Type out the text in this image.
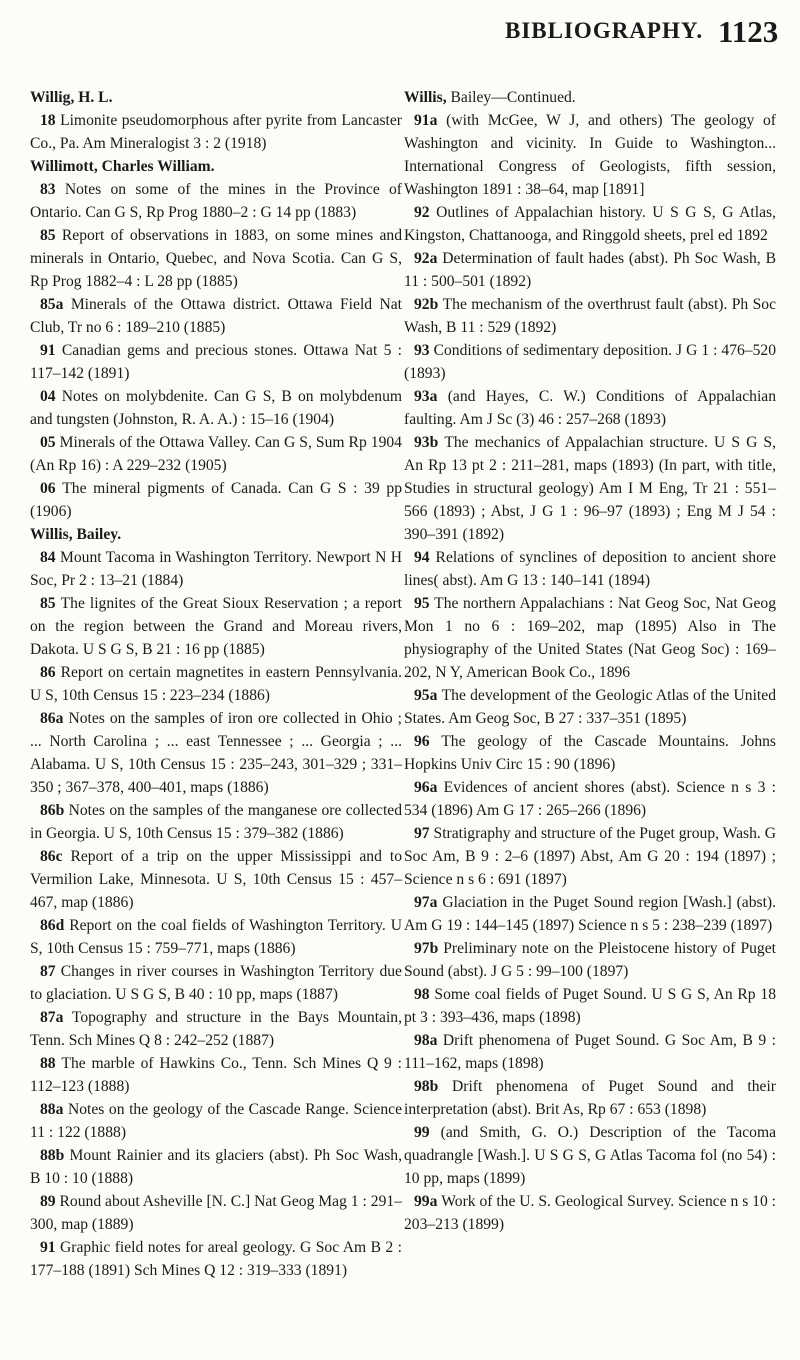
BIBLIOGRAPHY. 1123

Willig, H. L.

18 Limonite pseudomorphous after pyrite from Lancaster Co., Pa. Am Mineralogist 3 : 2 (1918)

Willimott, Charles William.

83 Notes on some of the mines in the Province of Ontario. Can G S, Rp Prog 1880–2 : G 14 pp (1883)

85 Report of observations in 1883, on some mines and minerals in Ontario, Quebec, and Nova Scotia. Can G S, Rp Prog 1882–4 : L 28 pp (1885)

85a Minerals of the Ottawa district. Ottawa Field Nat Club, Tr no 6 : 189–210 (1885)

91 Canadian gems and precious stones. Ottawa Nat 5 : 117–142 (1891)

04 Notes on molybdenite. Can G S, B on molybdenum and tungsten (Johnston, R. A. A.) : 15–16 (1904)

05 Minerals of the Ottawa Valley. Can G S, Sum Rp 1904 (An Rp 16) : A 229–232 (1905)

06 The mineral pigments of Canada. Can G S : 39 pp (1906)

Willis, Bailey.

84 Mount Tacoma in Washington Territory. Newport N H Soc, Pr 2 : 13–21 (1884)

85 The lignites of the Great Sioux Reservation ; a report on the region between the Grand and Moreau rivers, Dakota. U S G S, B 21 : 16 pp (1885)

86 Report on certain magnetites in eastern Pennsylvania. U S, 10th Census 15 : 223–234 (1886)

86a Notes on the samples of iron ore collected in Ohio ; ... North Carolina ; ... east Tennessee ; ... Georgia ; ... Alabama. U S, 10th Census 15 : 235–243, 301–329 ; 331–350 ; 367–378, 400–401, maps (1886)

86b Notes on the samples of the manganese ore collected in Georgia. U S, 10th Census 15 : 379–382 (1886)

86c Report of a trip on the upper Mississippi and to Vermilion Lake, Minnesota. U S, 10th Census 15 : 457–467, map (1886)

86d Report on the coal fields of Washington Territory. U S, 10th Census 15 : 759–771, maps (1886)

87 Changes in river courses in Washington Territory due to glaciation. U S G S, B 40 : 10 pp, maps (1887)

87a Topography and structure in the Bays Mountain, Tenn. Sch Mines Q 8 : 242–252 (1887)

88 The marble of Hawkins Co., Tenn. Sch Mines Q 9 : 112–123 (1888)

88a Notes on the geology of the Cascade Range. Science 11 : 122 (1888)

88b Mount Rainier and its glaciers (abst). Ph Soc Wash, B 10 : 10 (1888)

89 Round about Asheville [N. C.] Nat Geog Mag 1 : 291–300, map (1889)

91 Graphic field notes for areal geology. G Soc Am B 2 : 177–188 (1891) Sch Mines Q 12 : 319–333 (1891)

Willis, Bailey—Continued.

91a (with McGee, W J, and others) The geology of Washington and vicinity. In Guide to Washington... International Congress of Geologists, fifth session, Washington 1891 : 38–64, map [1891]

92 Outlines of Appalachian history. U S G S, G Atlas, Kingston, Chattanooga, and Ringgold sheets, prel ed 1892

92a Determination of fault hades (abst). Ph Soc Wash, B 11 : 500–501 (1892)

92b The mechanism of the overthrust fault (abst). Ph Soc Wash, B 11 : 529 (1892)

93 Conditions of sedimentary deposition. J G 1 : 476–520 (1893)

93a (and Hayes, C. W.) Conditions of Appalachian faulting. Am J Sc (3) 46 : 257–268 (1893)

93b The mechanics of Appalachian structure. U S G S, An Rp 13 pt 2 : 211–281, maps (1893) (In part, with title, Studies in structural geology) Am I M Eng, Tr 21 : 551–566 (1893) ; Abst, J G 1 : 96–97 (1893) ; Eng M J 54 : 390–391 (1892)

94 Relations of synclines of deposition to ancient shore lines( abst). Am G 13 : 140–141 (1894)

95 The northern Appalachians : Nat Geog Soc, Nat Geog Mon 1 no 6 : 169–202, map (1895) Also in The physiography of the United States (Nat Geog Soc) : 169–202, N Y, American Book Co., 1896

95a The development of the Geologic Atlas of the United States. Am Geog Soc, B 27 : 337–351 (1895)

96 The geology of the Cascade Mountains. Johns Hopkins Univ Circ 15 : 90 (1896)

96a Evidences of ancient shores (abst). Science n s 3 : 534 (1896) Am G 17 : 265–266 (1896)

97 Stratigraphy and structure of the Puget group, Wash. G Soc Am, B 9 : 2–6 (1897) Abst, Am G 20 : 194 (1897) ; Science n s 6 : 691 (1897)

97a Glaciation in the Puget Sound region [Wash.] (abst). Am G 19 : 144–145 (1897) Science n s 5 : 238–239 (1897)

97b Preliminary note on the Pleistocene history of Puget Sound (abst). J G 5 : 99–100 (1897)

98 Some coal fields of Puget Sound. U S G S, An Rp 18 pt 3 : 393–436, maps (1898)

98a Drift phenomena of Puget Sound. G Soc Am, B 9 : 111–162, maps (1898)

98b Drift phenomena of Puget Sound and their interpretation (abst). Brit As, Rp 67 : 653 (1898)

99 (and Smith, G. O.) Description of the Tacoma quadrangle [Wash.]. U S G S, G Atlas Tacoma fol (no 54) : 10 pp, maps (1899)

99a Work of the U. S. Geological Survey. Science n s 10 : 203–213 (1899)
